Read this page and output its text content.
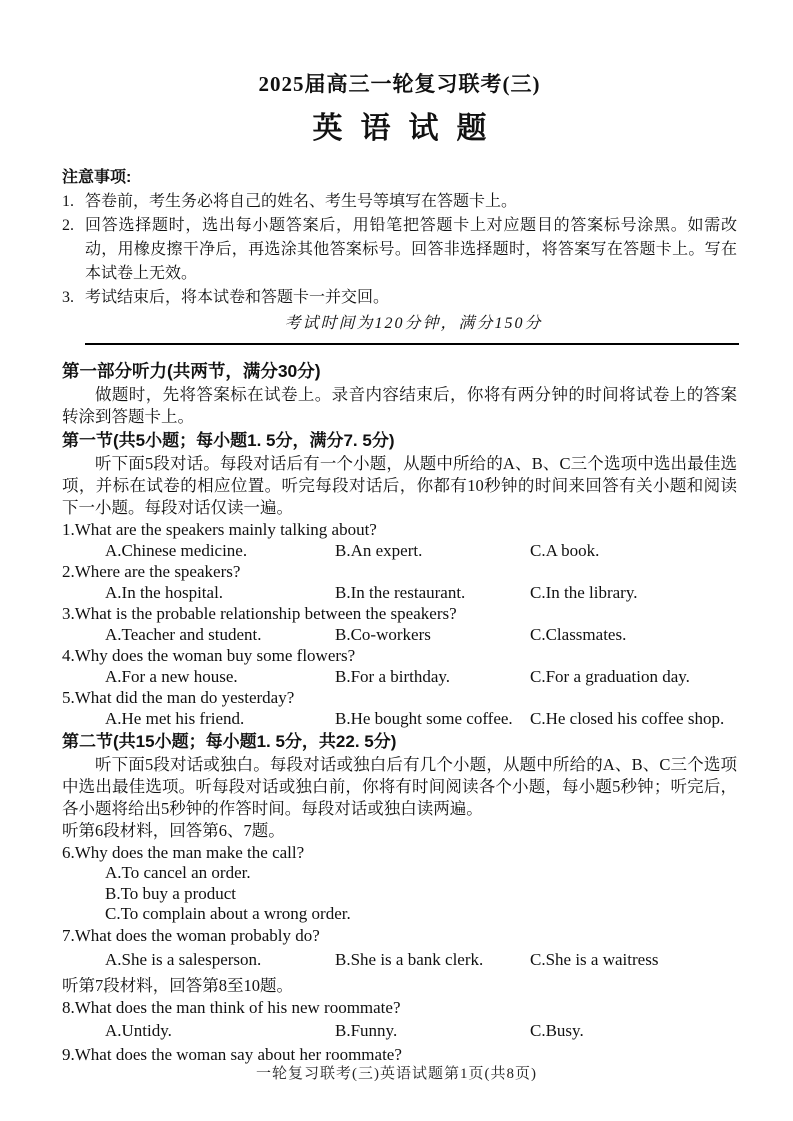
2025届高三一轮复习联考(三)
英语试题
注意事项:
1. 答卷前，考生务必将自己的姓名、考生号等填写在答题卡上。
2. 回答选择题时，选出每小题答案后，用铅笔把答题卡上对应题目的答案标号涂黑。如需改动，用橡皮擦干净后，再选涂其他答案标号。回答非选择题时，将答案写在答题卡上。写在本试卷上无效。
3. 考试结束后，将本试卷和答题卡一并交回。
考试时间为120分钟，满分150分
第一部分听力(共两节，满分30分)

做题时，先将答案标在试卷上。录音内容结束后，你将有两分钟的时间将试卷上的答案转涂到答题卡上。

第一节(共5小题；每小题1. 5分，满分7. 5分)

听下面5段对话。每段对话后有一个小题，从题中所给的A、B、C三个选项中选出最佳选项，并标在试卷的相应位置。听完每段对话后，你都有10秒钟的时间来回答有关小题和阅读下一小题。每段对话仅读一遍。

1.What are the speakers mainly talking about?
A.Chinese medicine.	B.An expert.	C.A book.
2.Where are the speakers?
A.In the hospital.	B.In the restaurant.	C.In the library.
3.What is the probable relationship between the speakers?
A.Teacher and student.	B.Co-workers	C.Classmates.
4.Why does the woman buy some flowers?
A.For a new house.	B.For a birthday.	C.For a graduation day.
5.What did the man do yesterday?
A.He met his friend.	B.He bought some coffee.	C.He closed his coffee shop.
第二节(共15小题；每小题1. 5分，共22. 5分)

听下面5段对话或独白。每段对话或独白后有几个小题，从题中所给的A、B、C三个选项中选出最佳选项。听每段对话或独白前，你将有时间阅读各个小题，每小题5秒钟；听完后，各小题将给出5秒钟的作答时间。每段对话或独白读两遍。

听第6段材料，回答第6、7题。
6.Why does the man make the call?
A.To cancel an order.
B.To buy a product
C.To complain about a wrong order.
7.What does the woman probably do?
A.She is a salesperson.	B.She is a bank clerk.	C.She is a waitress
听第7段材料，回答第8至10题。
8.What does the man think of his new roommate?
A.Untidy.	B.Funny.	C.Busy.
9.What does the woman say about her roommate?
一轮复习联考(三)英语试题第1页(共8页)
